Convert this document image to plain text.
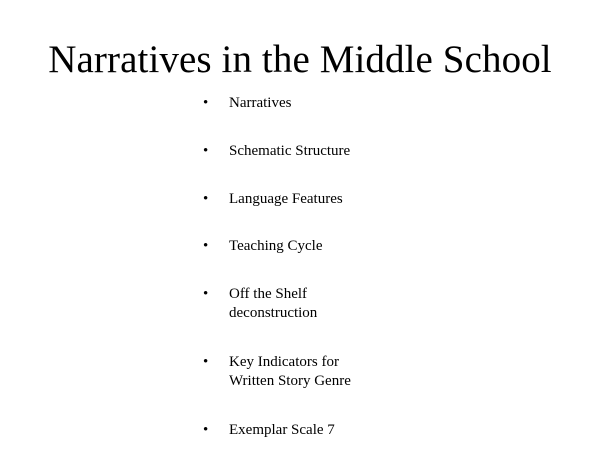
Narratives in the Middle School
•	Narratives
•	Schematic Structure
•	Language Features
•	Teaching Cycle
•	Off the Shelf
deconstruction
•	Key Indicators for
Written Story Genre
•	Exemplar Scale 7
